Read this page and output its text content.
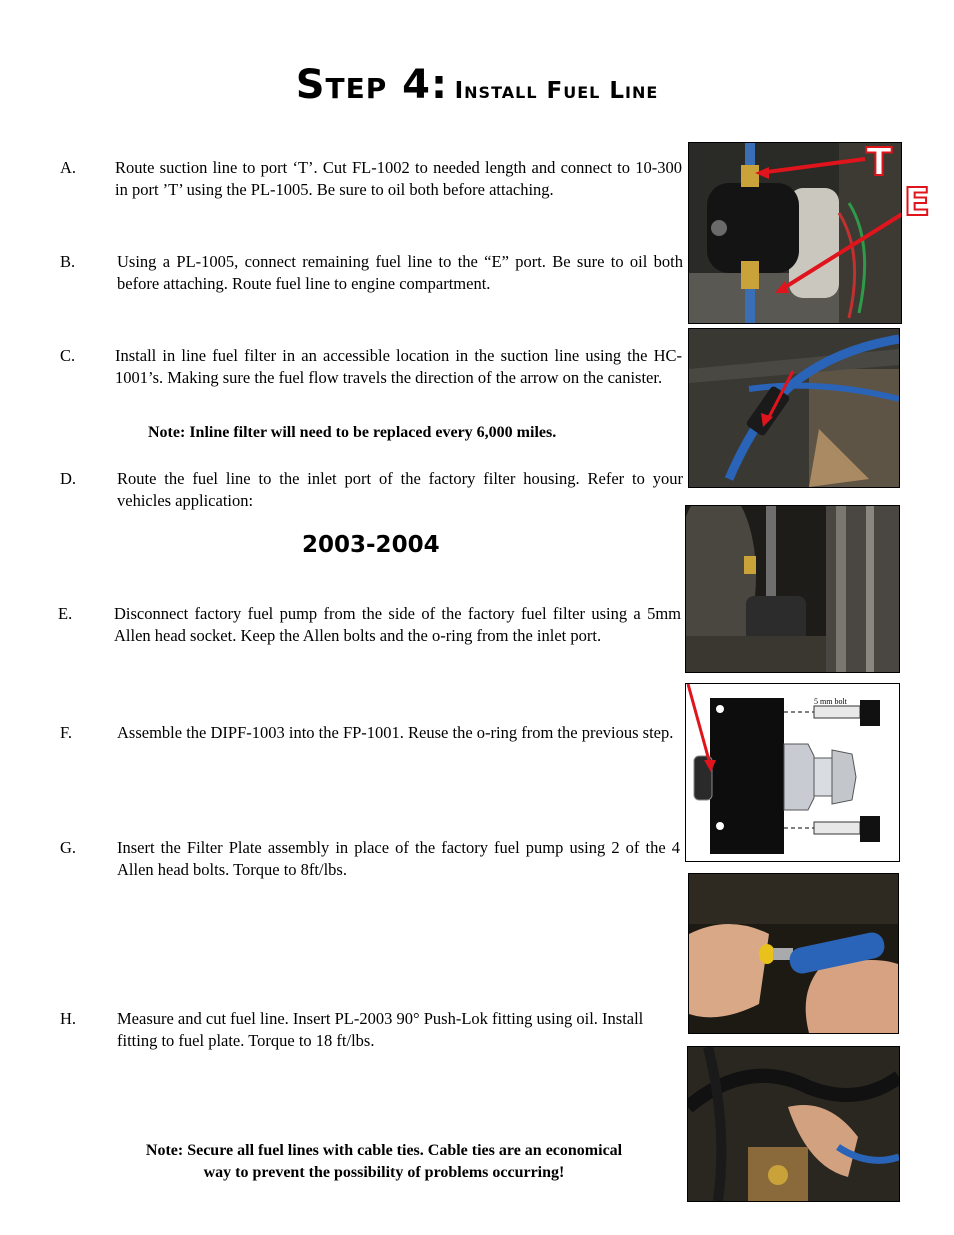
Step 4: Install Fuel Line
A. Route suction line to port ‘T’. Cut FL-1002 to needed length and connect to 10-300 in port ’T’ using the PL-1005. Be sure to oil both before attaching.
B.	Using a PL-1005, connect remaining fuel line to the “E” port. Be sure to oil both before attaching. Route fuel line to engine compartment.
C. Install in line fuel filter in an accessible location in the suction line using the HC-1001’s. Making sure the fuel flow travels the direction of the arrow on the canister.
Note: Inline filter will need to be replaced every 6,000 miles.
D. Route the fuel line to the inlet port of the factory filter housing. Refer to your vehicles application:
2003-2004
E.	Disconnect factory fuel pump from the side of the factory fuel filter using a 5mm Allen head socket. Keep the Allen bolts and the o-ring from the inlet port.
F.	Assemble the DIPF-1003 into the FP-1001. Reuse the o-ring from the previous step.
G. Insert the Filter Plate assembly in place of the factory fuel pump using 2 of the 4 Allen head bolts. Torque to 8ft/lbs.
H. Measure and cut fuel line. Insert PL-2003 90° Push-Lok fitting using oil. Install fitting to fuel plate. Torque to 18 ft/lbs.
Note: Secure all fuel lines with cable ties. Cable ties are an economical
way to prevent the possibility of problems occurring!
T
E
5 mm bolt
